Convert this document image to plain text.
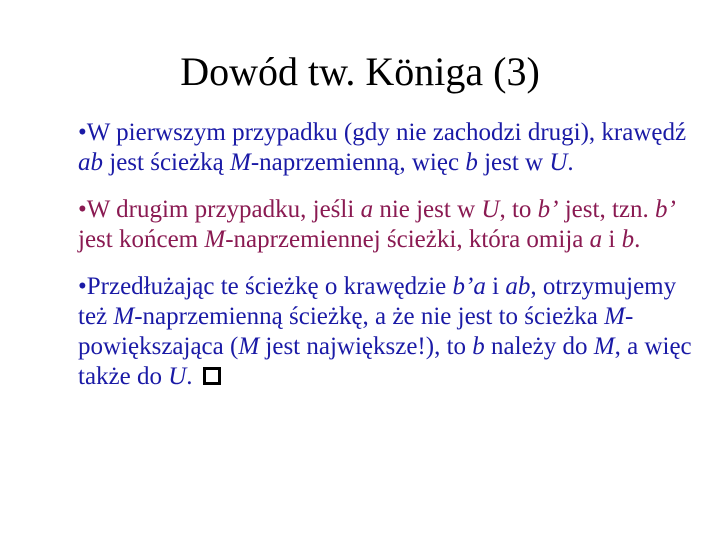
Dowód tw. Königa (3)
•W pierwszym przypadku (gdy nie zachodzi drugi), krawędź ab jest ścieżką M-naprzemienną, więc b jest w U.
•W drugim przypadku, jeśli a nie jest w U, to b’ jest, tzn. b’ jest końcem M-naprzemiennej ścieżki, która omija a i b.
•Przedłużając te ścieżkę o krawędzie b’a i ab, otrzymujemy też M-naprzemienną ścieżkę, a że nie jest to ścieżka M-powiększająca (M jest największe!), to b należy do M, a więc także do U.
